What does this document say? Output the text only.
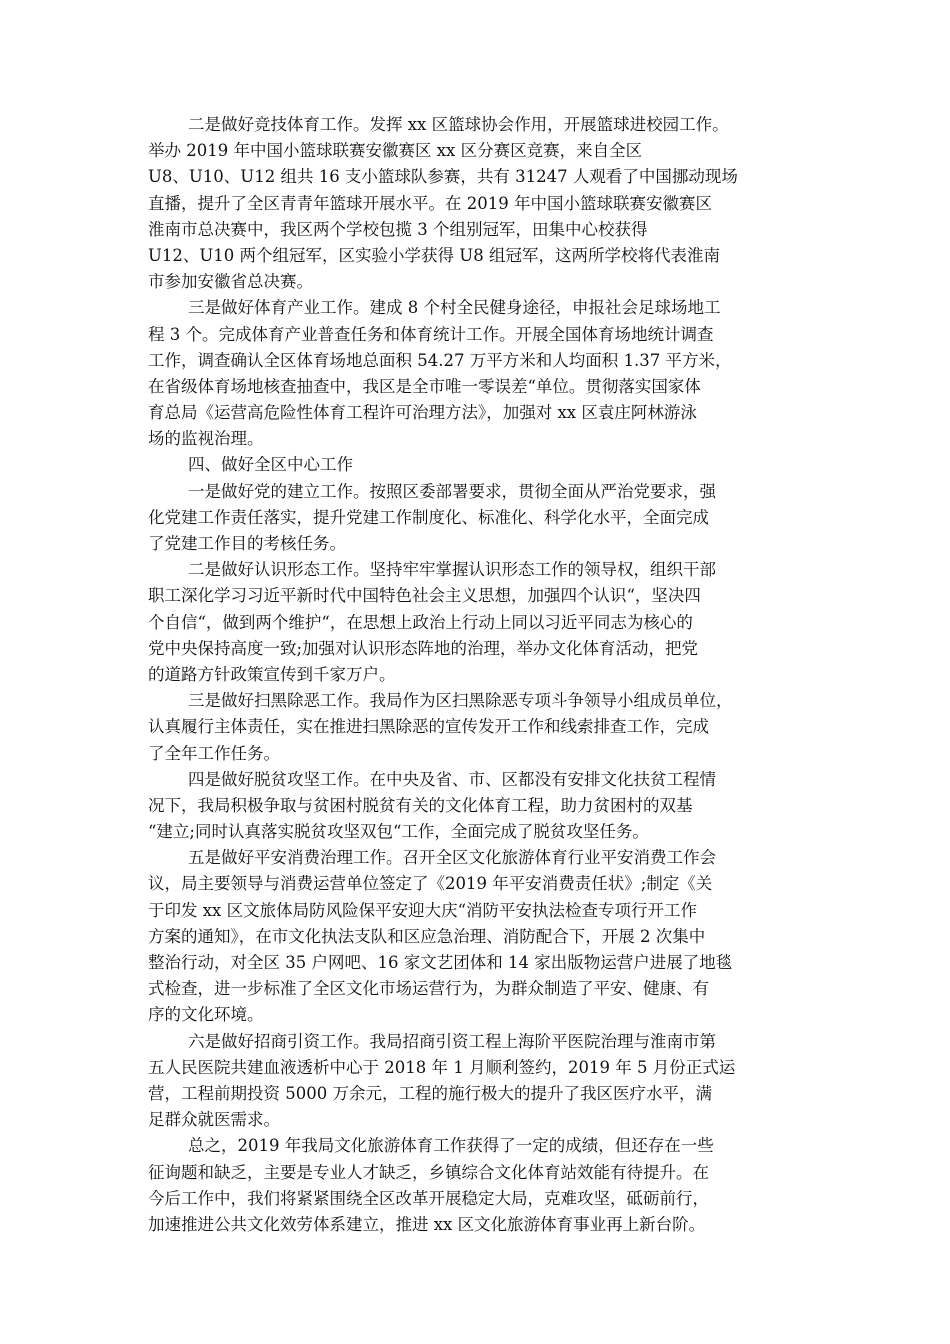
二是做好竞技体育工作。发挥 xx 区篮球协会作用，开展篮球进校园工作。
举办 2019 年中国小篮球联赛安徽赛区 xx 区分赛区竞赛，来自全区
U8、U10、U12 组共 16 支小篮球队参赛，共有 31247 人观看了中国挪动现场
直播，提升了全区青青年篮球开展水平。在 2019 年中国小篮球联赛安徽赛区
淮南市总决赛中，我区两个学校包揽 3 个组别冠军，田集中心校获得
U12、U10 两个组冠军，区实验小学获得 U8 组冠军，这两所学校将代表淮南
市参加安徽省总决赛。
三是做好体育产业工作。建成 8 个村全民健身途径，申报社会足球场地工
程 3 个。完成体育产业普查任务和体育统计工作。开展全国体育场地统计调查
工作，调查确认全区体育场地总面积 54.27 万平方米和人均面积 1.37 平方米，
在省级体育场地核查抽查中，我区是全市唯一零误差“单位。贯彻落实国家体
育总局《运营高危险性体育工程许可治理方法》，加强对 xx 区袁庄阿林游泳
场的监视治理。
四、做好全区中心工作
一是做好党的建立工作。按照区委部署要求，贯彻全面从严治党要求，强
化党建工作责任落实，提升党建工作制度化、标准化、科学化水平，全面完成
了党建工作目的考核任务。
二是做好认识形态工作。坚持牢牢掌握认识形态工作的领导权，组织干部
职工深化学习习近平新时代中国特色社会主义思想，加强四个认识“，坚决四
个自信“，做到两个维护“，在思想上政治上行动上同以习近平同志为核心的
党中央保持高度一致;加强对认识形态阵地的治理，举办文化体育活动，把党
的道路方针政策宣传到千家万户。
三是做好扫黑除恶工作。我局作为区扫黑除恶专项斗争领导小组成员单位，
认真履行主体责任，实在推进扫黑除恶的宣传发开工作和线索排查工作，完成
了全年工作任务。
四是做好脱贫攻坚工作。在中央及省、市、区都没有安排文化扶贫工程情
况下，我局积极争取与贫困村脱贫有关的文化体育工程，助力贫困村的双基
“建立;同时认真落实脱贫攻坚双包“工作，全面完成了脱贫攻坚任务。
五是做好平安消费治理工作。召开全区文化旅游体育行业平安消费工作会
议，局主要领导与消费运营单位签定了《2019 年平安消费责任状》;制定《关
于印发 xx 区文旅体局防风险保平安迎大庆“消防平安执法检查专项行开工作
方案的通知》，在市文化执法支队和区应急治理、消防配合下，开展 2 次集中
整治行动，对全区 35 户网吧、16 家文艺团体和 14 家出版物运营户进展了地毯
式检查，进一步标准了全区文化市场运营行为，为群众制造了平安、健康、有
序的文化环境。
六是做好招商引资工作。我局招商引资工程上海阶平医院治理与淮南市第
五人民医院共建血液透析中心于 2018 年 1 月顺利签约，2019 年 5 月份正式运
营，工程前期投资 5000 万余元，工程的施行极大的提升了我区医疗水平，满
足群众就医需求。
总之，2019 年我局文化旅游体育工作获得了一定的成绩，但还存在一些
征询题和缺乏，主要是专业人才缺乏，乡镇综合文化体育站效能有待提升。在
今后工作中，我们将紧紧围绕全区改革开展稳定大局，克难攻坚，砥砺前行，
加速推进公共文化效劳体系建立，推进 xx 区文化旅游体育事业再上新台阶。
